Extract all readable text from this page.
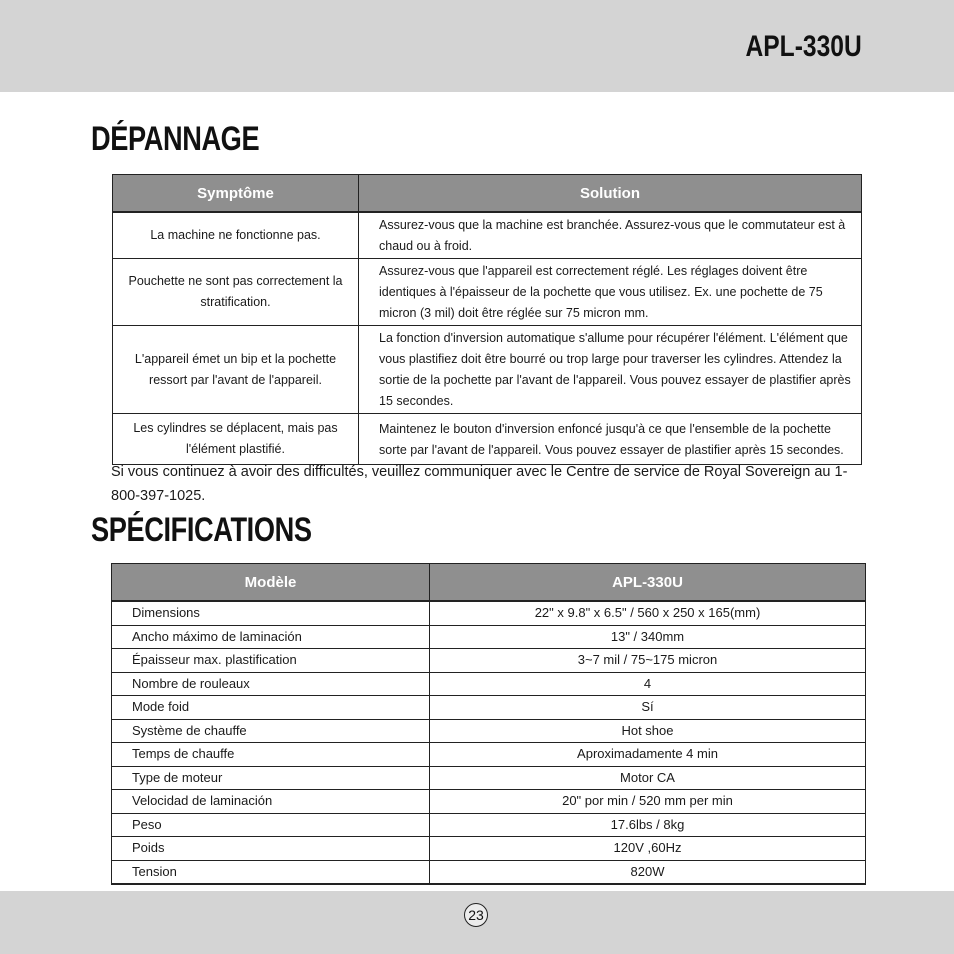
APL-330U
DÉPANNAGE
Symptôme	Solution
La machine ne fonctionne pas.	Assurez-vous que la machine est branchée. Assurez-vous que le commutateur est à chaud ou à froid.
Pouchette ne sont pas correctement la stratification.	Assurez-vous que l'appareil est correctement réglé. Les réglages doivent être identiques à l'épaisseur de la pochette que vous utilisez. Ex. une pochette de 75 micron (3 mil) doit être réglée sur 75 micron mm.
L'appareil émet un bip et la pochette ressort par l'avant de l'appareil.	La fonction d'inversion automatique s'allume pour récupérer l'élément. L'élément que vous plastifiez doit être bourré ou trop large pour traverser les cylindres. Attendez la sortie de la pochette par l'avant de l'appareil. Vous pouvez essayer de plastifier après 15 secondes.
Les cylindres se déplacent, mais pas l'élément plastifié.	Maintenez le bouton d'inversion enfoncé jusqu'à ce que l'ensemble de la pochette sorte par l'avant de l'appareil. Vous pouvez essayer de plastifier après 15 secondes.

Si vous continuez à avoir des difficultés, veuillez communiquer avec le Centre de service de Royal Sovereign au 1-800-397-1025.

SPÉCIFICATIONS
Modèle	APL-330U
Dimensions	22" x 9.8" x 6.5" / 560 x 250 x 165(mm)
Ancho máximo de laminación	13" / 340mm
Épaisseur max. plastification	3~7 mil / 75~175 micron
Nombre de rouleaux	4
Mode foid	Sí
Système de chauffe	Hot shoe
Temps de chauffe	Aproximadamente 4 min
Type de moteur	Motor CA
Velocidad de laminación	20" por min / 520 mm per min
Peso	17.6lbs / 8kg
Poids	120V ,60Hz
Tension	820W
23
